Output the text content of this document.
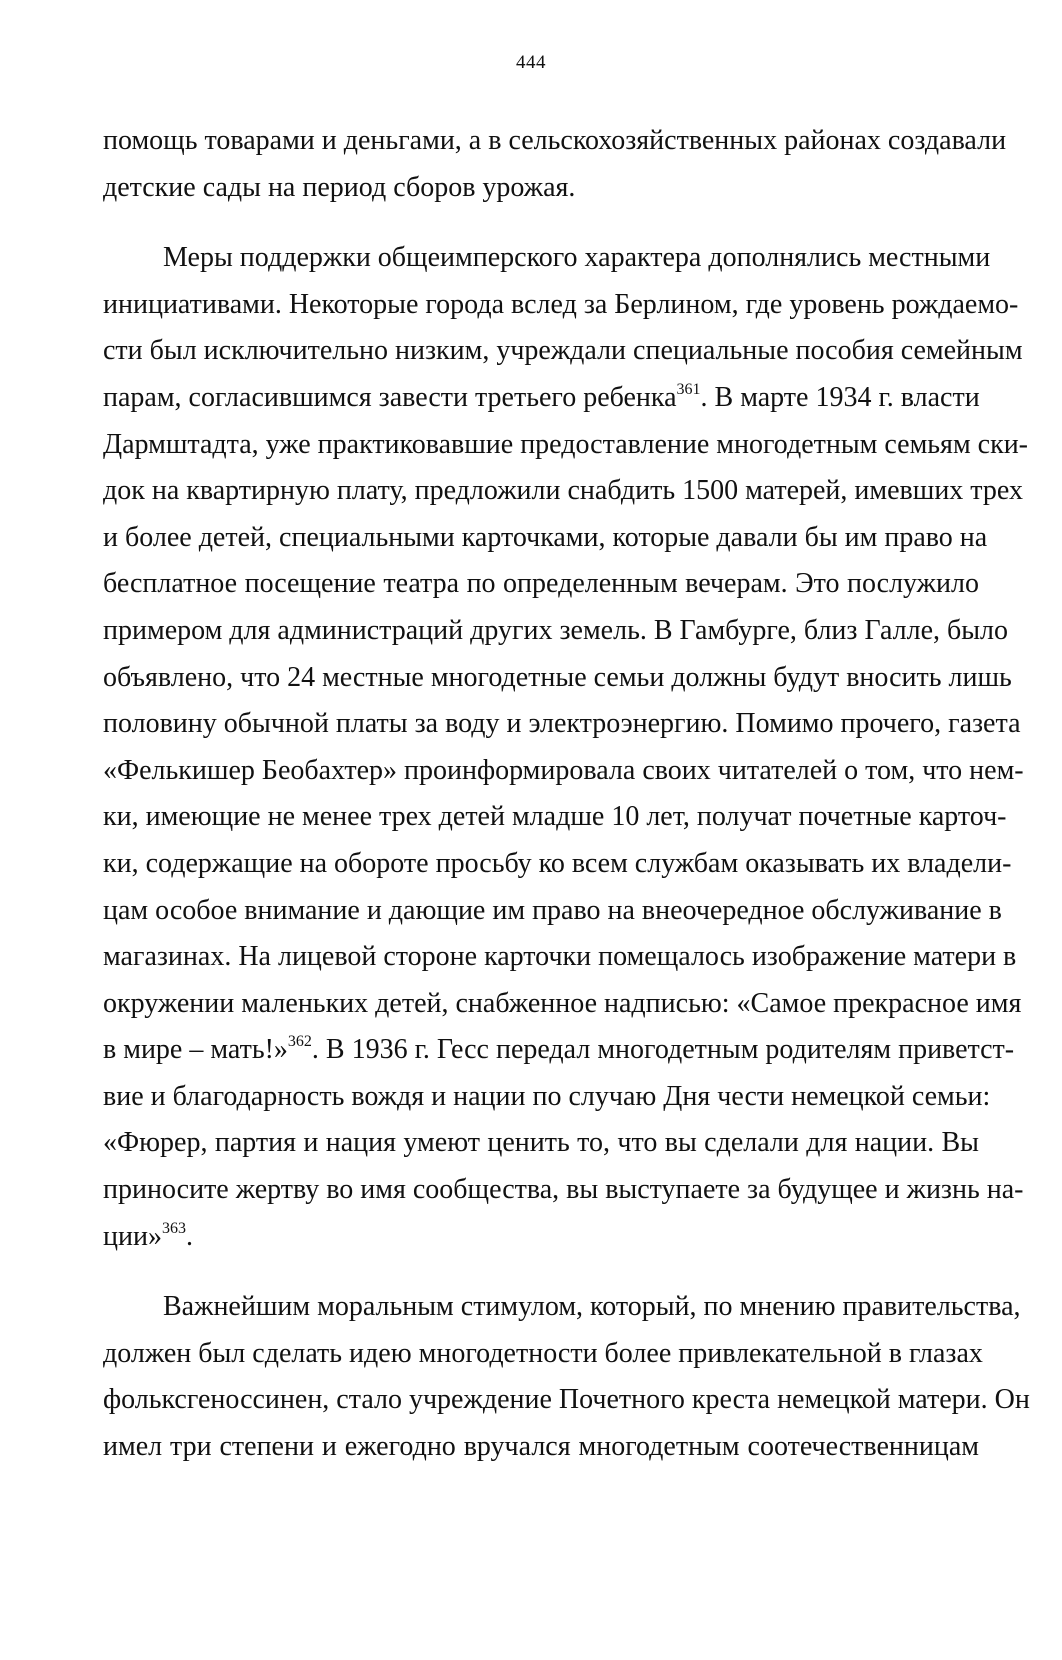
444
помощь товарами и деньгами, а в сельскохозяйственных районах создавали
детские сады на период сборов урожая.
Меры поддержки общеимперского характера дополнялись местными
инициативами. Некоторые города вслед за Берлином, где уровень рождаемо-
сти был исключительно низким, учреждали специальные пособия семейным
парам, согласившимся завести третьего ребенка$^{361}$. В марте 1934 г. власти
Дармштадта, уже практиковавшие предоставление многодетным семьям ски-
док на квартирную плату, предложили снабдить 1500 матерей, имевших трех
и более детей, специальными карточками, которые давали бы им право на
бесплатное посещение театра по определенным вечерам. Это послужило
примером для администраций других земель. В Гамбурге, близ Галле, было
объявлено, что 24 местные многодетные семьи должны будут вносить лишь
половину обычной платы за воду и электроэнергию. Помимо прочего, газета
«Фелькишер Беобахтер» проинформировала своих читателей о том, что нем-
ки, имеющие не менее трех детей младше 10 лет, получат почетные карточ-
ки, содержащие на обороте просьбу ко всем службам оказывать их владели-
цам особое внимание и дающие им право на внеочередное обслуживание в
магазинах. На лицевой стороне карточки помещалось изображение матери в
окружении маленьких детей, снабженное надписью: «Самое прекрасное имя
в мире – мать!»$^{362}$. В 1936 г. Гесс передал многодетным родителям приветст-
вие и благодарность вождя и нации по случаю Дня чести немецкой семьи:
«Фюрер, партия и нация умеют ценить то, что вы сделали для нации. Вы
приносите жертву во имя сообщества, вы выступаете за будущее и жизнь на-
ции»$^{363}$.
Важнейшим моральным стимулом, который, по мнению правительства,
должен был сделать идею многодетности более привлекательной в глазах
фольксгеноссинен, стало учреждение Почетного креста немецкой матери. Он
имел три степени и ежегодно вручался многодетным соотечественницам
